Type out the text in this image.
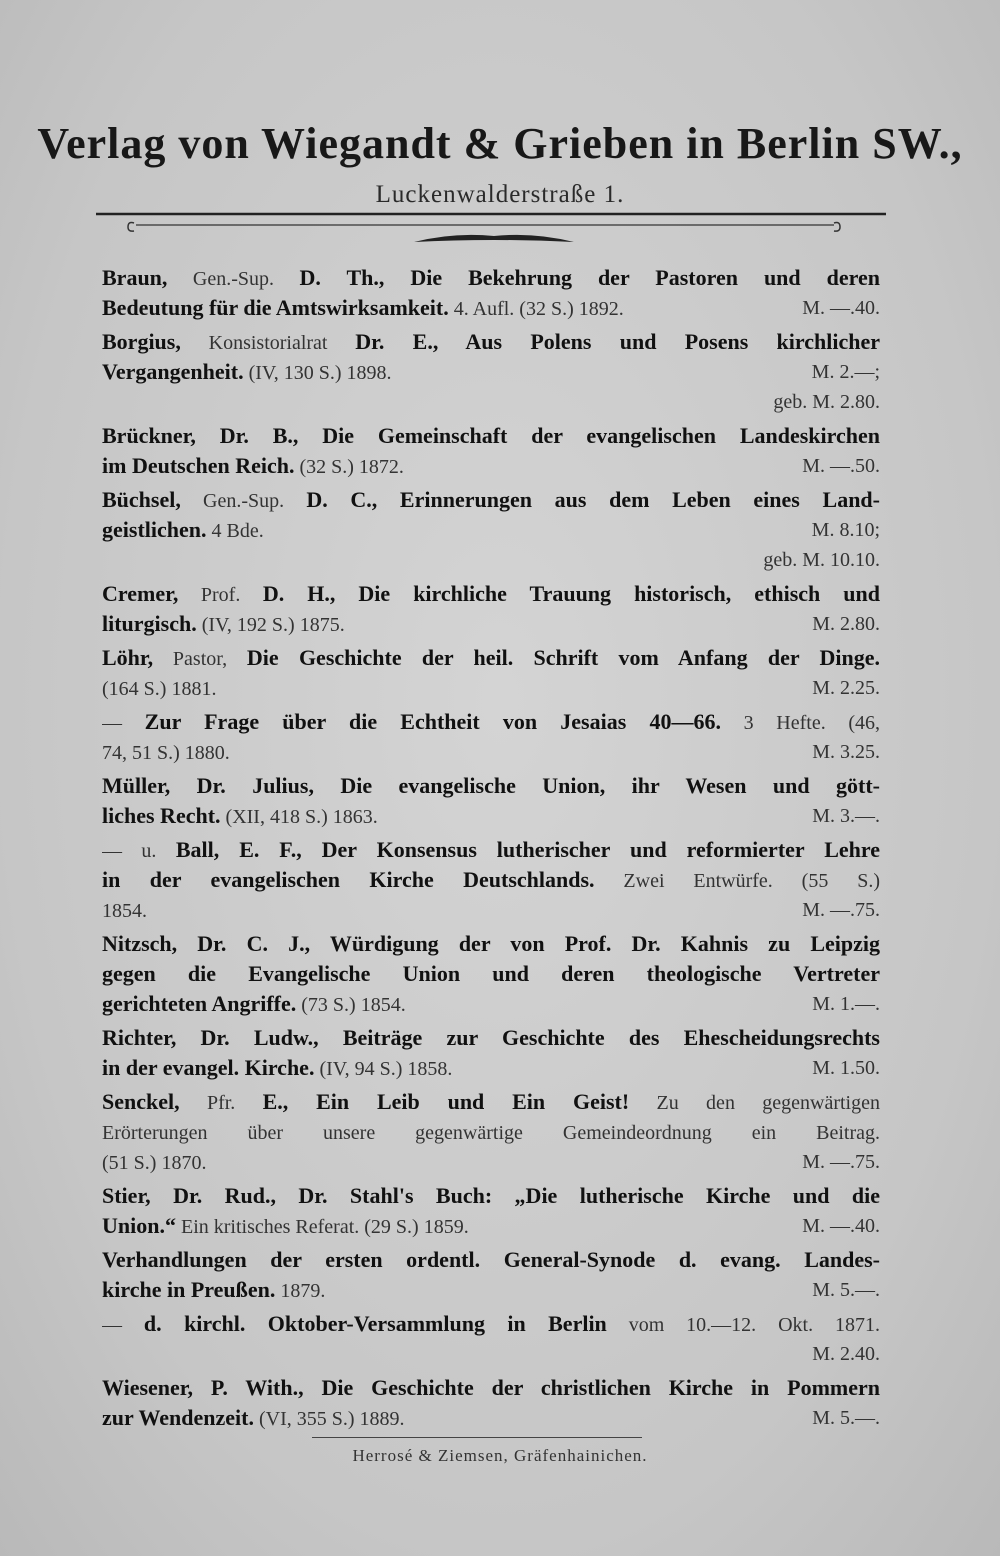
Verlag von Wiegandt & Grieben in Berlin SW.,
Luckenwalderstraße 1.
Braun, Gen.-Sup. D. Th., Die Bekehrung der Pastoren und deren
Bedeutung für die Amtswirksamkeit. 4. Aufl. (32 S.) 1892.	M. —.40.
Borgius, Konsistorialrat Dr. E., Aus Polens und Posens kirchlicher
Vergangenheit. (IV, 130 S.) 1898.	M. 2.—;
geb. M. 2.80.
Brückner, Dr. B., Die Gemeinschaft der evangelischen Landeskirchen
im Deutschen Reich. (32 S.) 1872.	M. —.50.
Büchsel, Gen.-Sup. D. C., Erinnerungen aus dem Leben eines Land-
geistlichen. 4 Bde.	M. 8.10;
geb. M. 10.10.
Cremer, Prof. D. H., Die kirchliche Trauung historisch, ethisch und
liturgisch. (IV, 192 S.) 1875.	M. 2.80.
Löhr, Pastor, Die Geschichte der heil. Schrift vom Anfang der Dinge.
(164 S.) 1881.	M. 2.25.
— Zur Frage über die Echtheit von Jesaias 40—66. 3 Hefte. (46,
74, 51 S.) 1880.	M. 3.25.
Müller, Dr. Julius, Die evangelische Union, ihr Wesen und gött-
liches Recht. (XII, 418 S.) 1863.	M. 3.—.
— u. Ball, E. F., Der Konsensus lutherischer und reformierter Lehre
in der evangelischen Kirche Deutschlands. Zwei Entwürfe. (55 S.)
1854.	M. —.75.
Nitzsch, Dr. C. J., Würdigung der von Prof. Dr. Kahnis zu Leipzig
gegen die Evangelische Union und deren theologische Vertreter
gerichteten Angriffe. (73 S.) 1854.	M. 1.—.
Richter, Dr. Ludw., Beiträge zur Geschichte des Ehescheidungsrechts
in der evangel. Kirche. (IV, 94 S.) 1858.	M. 1.50.
Senckel, Pfr. E., Ein Leib und Ein Geist! Zu den gegenwärtigen
Erörterungen über unsere gegenwärtige Gemeindeordnung ein Beitrag.
(51 S.) 1870.	M. —.75.
Stier, Dr. Rud., Dr. Stahl's Buch: „Die lutherische Kirche und die
Union.“ Ein kritisches Referat. (29 S.) 1859.	M. —.40.
Verhandlungen der ersten ordentl. General-Synode d. evang. Landes-
kirche in Preußen. 1879.	M. 5.—.
— d. kirchl. Oktober-Versammlung in Berlin vom 10.—12. Okt. 1871.
M. 2.40.
Wiesener, P. With., Die Geschichte der christlichen Kirche in Pommern
zur Wendenzeit. (VI, 355 S.) 1889.	M. 5.—.
Herrosé & Ziemsen, Gräfenhainichen.
